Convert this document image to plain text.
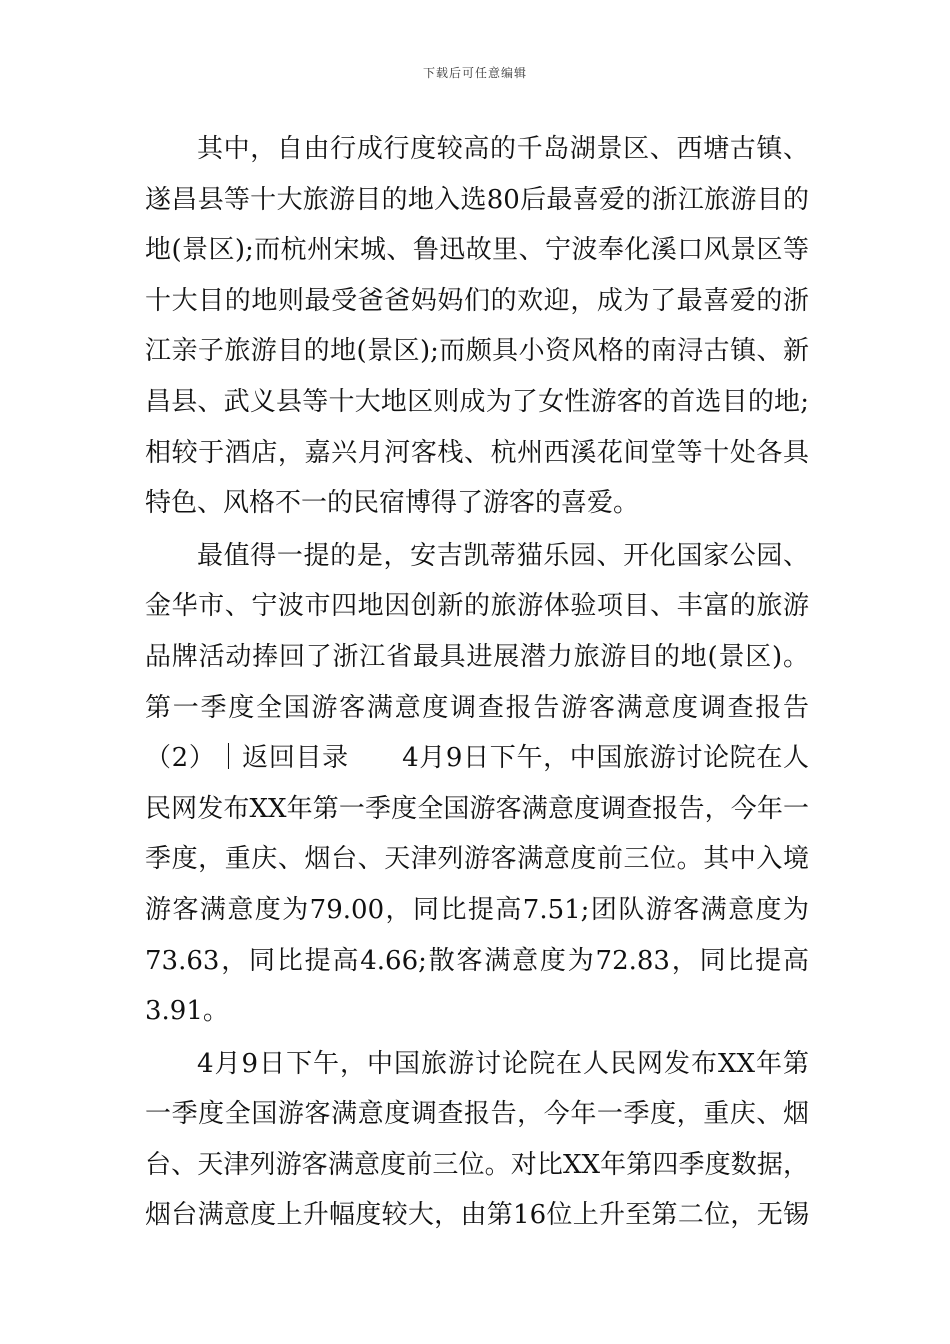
下载后可任意编辑
其中，自由行成行度较高的千岛湖景区、西塘古镇、
遂昌县等十大旅游目的地入选80后最喜爱的浙江旅游目的
地(景区);而杭州宋城、鲁迅故里、宁波奉化溪口风景区等
十大目的地则最受爸爸妈妈们的欢迎，成为了最喜爱的浙
江亲子旅游目的地(景区);而颇具小资风格的南浔古镇、新
昌县、武义县等十大地区则成为了女性游客的首选目的地;
相较于酒店，嘉兴月河客栈、杭州西溪花间堂等十处各具
特色、风格不一的民宿博得了游客的喜爱。
最值得一提的是，安吉凯蒂猫乐园、开化国家公园、
金华市、宁波市四地因创新的旅游体验项目、丰富的旅游
品牌活动捧回了浙江省最具进展潜力旅游目的地(景区)。
第一季度全国游客满意度调查报告游客满意度调查报告
（2）｜返回目录　　4月9日下午，中国旅游讨论院在人
民网发布XX年第一季度全国游客满意度调查报告，今年一
季度，重庆、烟台、天津列游客满意度前三位。其中入境
游客满意度为79.00，同比提高7.51;团队游客满意度为
73.63，同比提高4.66;散客满意度为72.83，同比提高
3.91。
4月9日下午，中国旅游讨论院在人民网发布XX年第
一季度全国游客满意度调查报告，今年一季度，重庆、烟
台、天津列游客满意度前三位。对比XX年第四季度数据，
烟台满意度上升幅度较大，由第16位上升至第二位，无锡
